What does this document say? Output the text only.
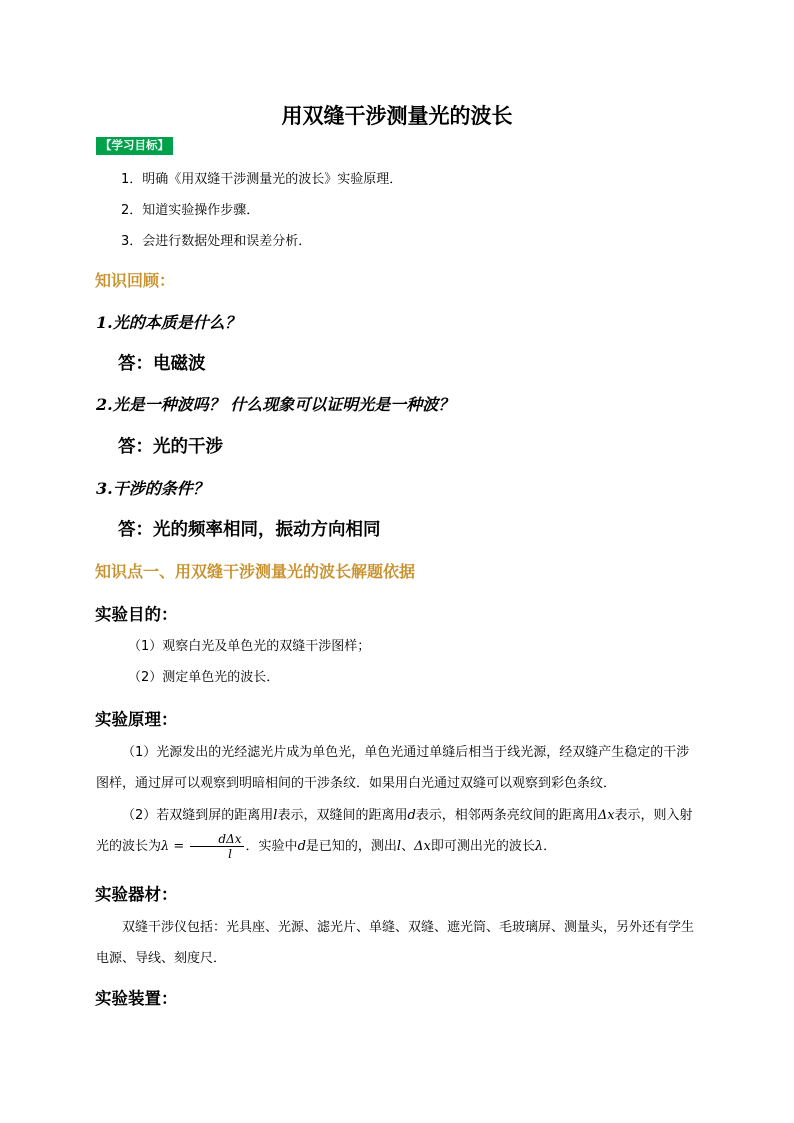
用双缝干涉测量光的波长
【学习目标】
1．明确《用双缝干涉测量光的波长》实验原理．
2．知道实验操作步骤．
3．会进行数据处理和误差分析．
知识回顾：
1.光的本质是什么？
答：电磁波
2.光是一种波吗？ 什么现象可以证明光是一种波？
答：光的干涉
3.干涉的条件？
答：光的频率相同，振动方向相同
知识点一、用双缝干涉测量光的波长解题依据
实验目的：
（1）观察白光及单色光的双缝干涉图样；
（2）测定单色光的波长．
实验原理：
（1）光源发出的光经滤光片成为单色光，单色光通过单缝后相当于线光源，经双缝产生稳定的干涉图样，通过屏可以观察到明暗相间的干涉条纹．如果用白光通过双缝可以观察到彩色条纹．
（2）若双缝到屏的距离用l表示，双缝间的距离用d表示，相邻两条亮纹间的距离用Δx表示，则入射光的波长为$\lambda = \frac{\text{dΔx}}{l}$ ．实验中d是已知的，测出l、Δx即可测出光的波长λ．
实验器材：
双缝干涉仪包括：光具座、光源、滤光片、单缝、双缝、遮光筒、毛玻璃屏、测量头，另外还有学生电源、导线、刻度尺．
实验装置：
